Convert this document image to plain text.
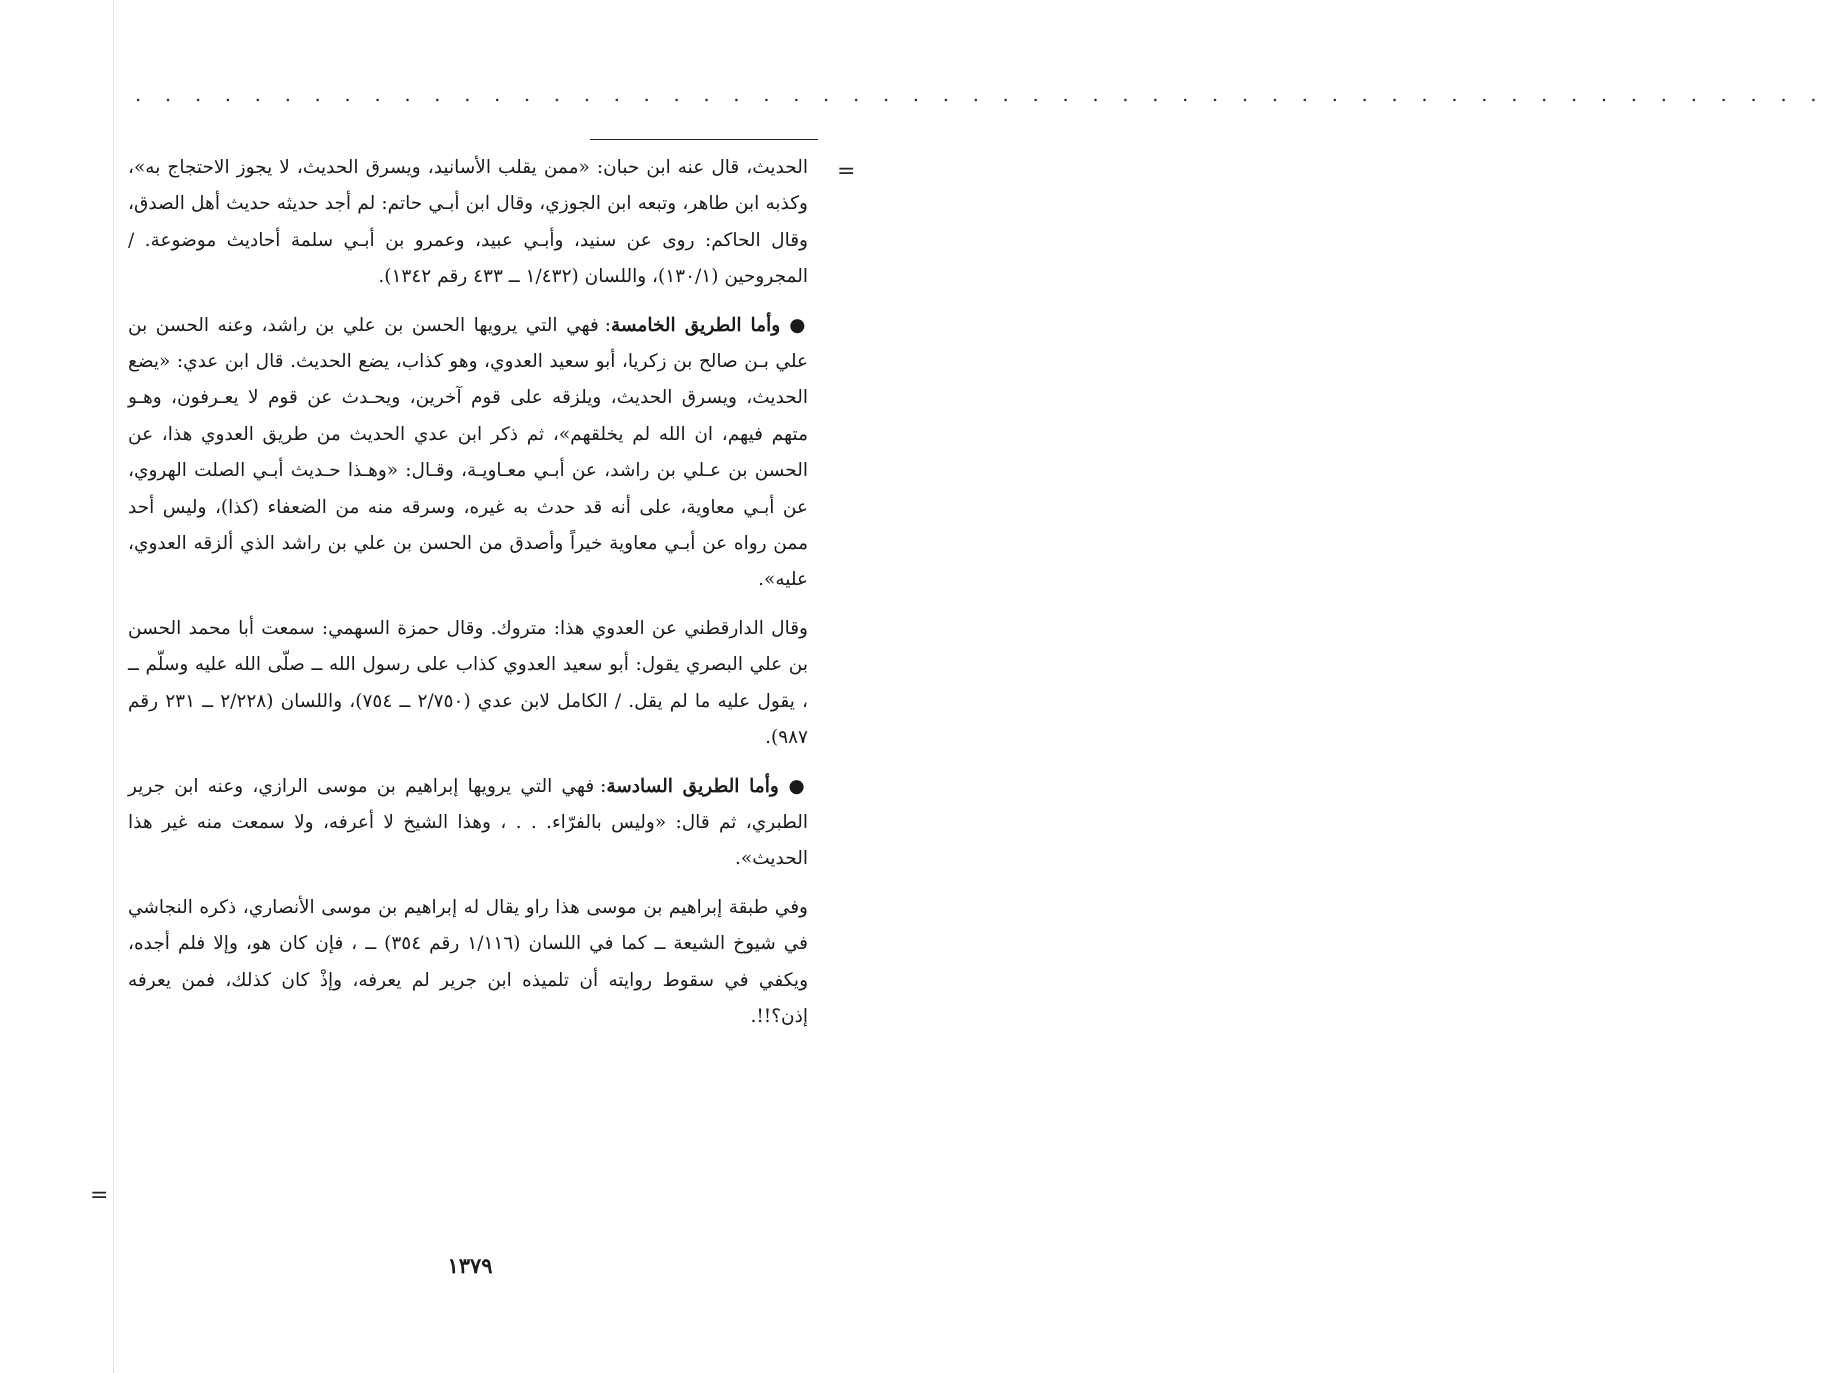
. . . . . . . . . . . . . . . . . . . . . . . . . . . . . . . . . . . . . . . . . . . . . . . . . . . . . . . . .
=
=

الحديث، قال عنه ابن حبان: «ممن يقلب الأسانيد، ويسرق الحديث، لا يجوز الاحتجاج به»، وكذبه ابن طاهر، وتبعه ابن الجوزي، وقال ابن أبـي حاتم: لم أجد حديثه حديث أهل الصدق، وقال الحاكم: روى عن سنيد، وأبـي عبيد، وعمرو بن أبـي سلمة أحاديث موضوعة. / المجروحين (١٣٠/١)، واللسان (١/٤٣٢ ــ ٤٣٣ رقم ١٣٤٢).

● وأما الطريق الخامسة: فهي التي يرويها الحسن بن علي بن راشد، وعنه الحسن بن علي بـن صالح بن زكريا، أبو سعيد العدوي، وهو كذاب، يضع الحديث. قال ابن عدي: «يضع الحديث، ويسرق الحديث، ويلزقه على قوم آخرين، ويحـدث عن قوم لا يعـرفون، وهـو متهم فيهم، ان الله لم يخلقهم»، ثم ذكر ابن عدي الحديث من طريق العدوي هذا، عن الحسن بن عـلي بن راشد، عن أبـي معـاويـة، وقـال: «وهـذا حـديث أبـي الصلت الهروي، عن أبـي معاوية، على أنه قد حدث به غيره، وسرقه منه من الضعفاء (كذا)، وليس أحد ممن رواه عن أبـي معاوية خيراً وأصدق من الحسن بن علي بن راشد الذي ألزقه العدوي، عليه».

وقال الدارقطني عن العدوي هذا: متروك. وقال حمزة السهمي: سمعت أبا محمد الحسن بن علي البصري يقول: أبو سعيد العدوي كذاب على رسول الله ــ صلّى الله عليه وسلّم ــ ، يقول عليه ما لم يقل. / الكامل لابن عدي (٢/٧٥٠ ــ ٧٥٤)، واللسان (٢/٢٢٨ ــ ٢٣١ رقم ٩٨٧).

● وأما الطريق السادسة: فهي التي يرويها إبراهيم بن موسى الرازي، وعنه ابن جرير الطبري، ثم قال: «وليس بالفرّاء. . . ، وهذا الشيخ لا أعرفه، ولا سمعت منه غير هذا الحديث».

وفي طبقة إبراهيم بن موسى هذا راو يقال له إبراهيم بن موسى الأنصاري، ذكره النجاشي في شيوخ الشيعة ــ كما في اللسان (١/١١٦ رقم ٣٥٤) ــ ، فإن كان هو، وإلا فلم أجده، ويكفي في سقوط روايته أن تلميذه ابن جرير لم يعرفه، وإذْ كان كذلك، فمن يعرفه إذن؟!!.

١٣٧٩
